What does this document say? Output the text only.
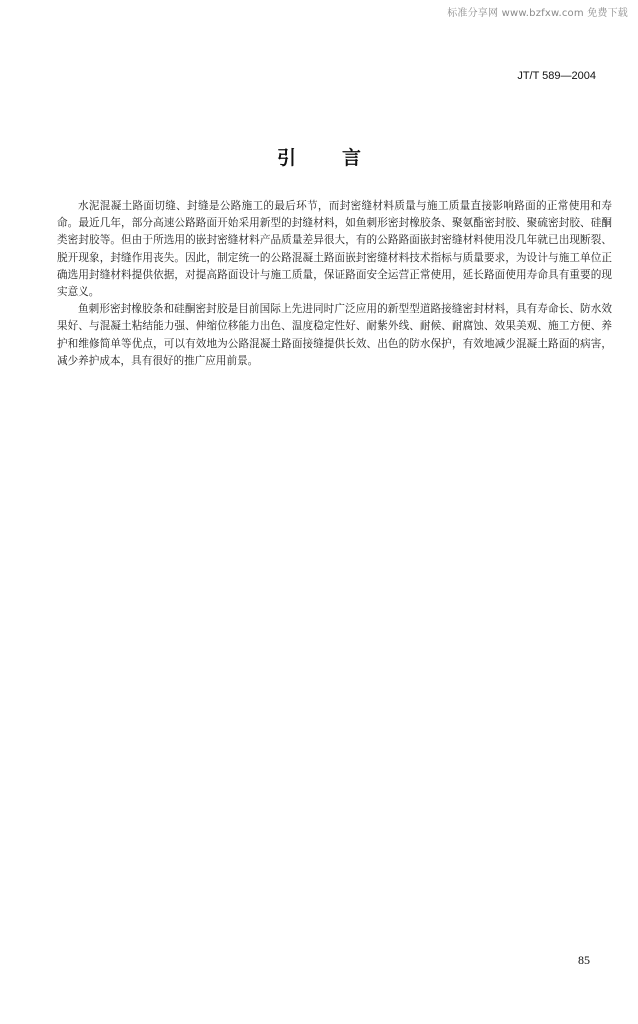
标准分享网 www.bzfxw.com 免费下载
JT/T 589—2004
引言

水泥混凝土路面切缝、封缝是公路施工的最后环节，而封密缝材料质量与施工质量直接影响路面的正常使用和寿命。最近几年，部分高速公路路面开始采用新型的封缝材料，如鱼刺形密封橡胶条、聚氨酯密封胶、聚硫密封胶、硅酮类密封胶等。但由于所选用的嵌封密缝材料产品质量差异很大，有的公路路面嵌封密缝材料使用没几年就已出现断裂、脱开现象，封缝作用丧失。因此，制定统一的公路混凝土路面嵌封密缝材料技术指标与质量要求，为设计与施工单位正确选用封缝材料提供依据，对提高路面设计与施工质量，保证路面安全运营正常使用，延长路面使用寿命具有重要的现实意义。

鱼刺形密封橡胶条和硅酮密封胶是目前国际上先进同时广泛应用的新型型道路接缝密封材料，具有寿命长、防水效果好、与混凝土粘结能力强、伸缩位移能力出色、温度稳定性好、耐紫外线、耐候、耐腐蚀、效果美观、施工方便、养护和维修简单等优点，可以有效地为公路混凝土路面接缝提供长效、出色的防水保护，有效地减少混凝土路面的病害，减少养护成本，具有很好的推广应用前景。

85
